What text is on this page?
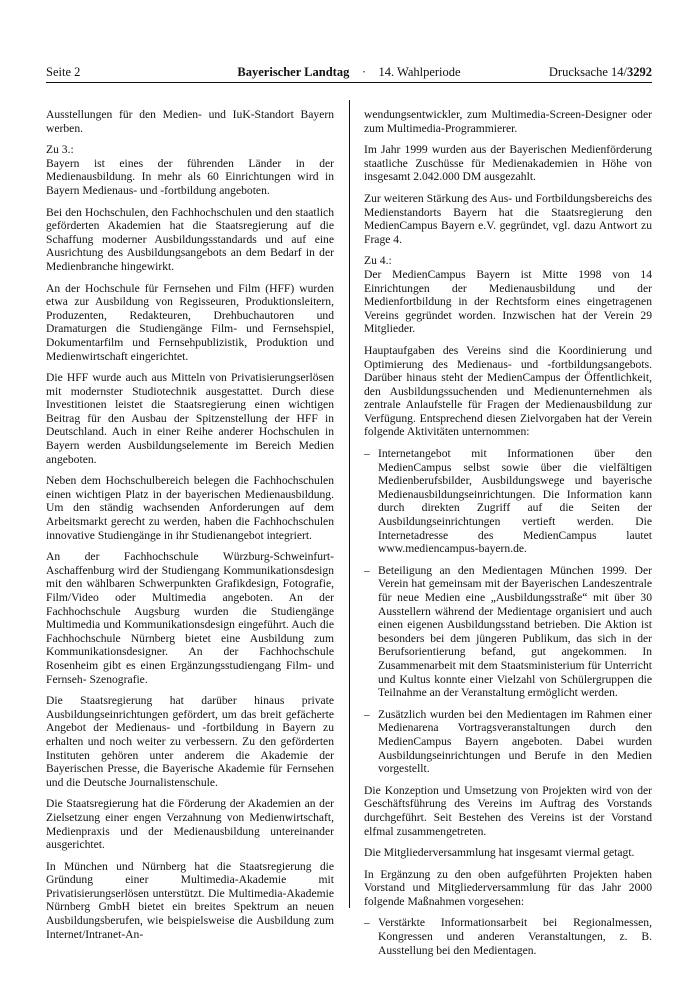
Seite 2	Bayerischer Landtag · 14. Wahlperiode	Drucksache 14/3292

Ausstellungen für den Medien- und IuK-Standort Bayern werben.

Zu 3.:

Bayern ist eines der führenden Länder in der Medienausbildung. In mehr als 60 Einrichtungen wird in Bayern Medienaus- und -fortbildung angeboten.

Bei den Hochschulen, den Fachhochschulen und den staatlich geförderten Akademien hat die Staatsregierung auf die Schaffung moderner Ausbildungsstandards und auf eine Ausrichtung des Ausbildungsangebots an dem Bedarf in der Medienbranche hingewirkt.

An der Hochschule für Fernsehen und Film (HFF) wurden etwa zur Ausbildung von Regisseuren, Produktionsleitern, Produzenten, Redakteuren, Drehbuchautoren und Dramaturgen die Studiengänge Film- und Fernsehspiel, Dokumentarfilm und Fernsehpublizistik, Produktion und Medienwirtschaft eingerichtet.

Die HFF wurde auch aus Mitteln von Privatisierungserlösen mit modernster Studiotechnik ausgestattet. Durch diese Investitionen leistet die Staatsregierung einen wichtigen Beitrag für den Ausbau der Spitzenstellung der HFF in Deutschland. Auch in einer Reihe anderer Hochschulen in Bayern werden Ausbildungselemente im Bereich Medien angeboten.

Neben dem Hochschulbereich belegen die Fachhochschulen einen wichtigen Platz in der bayerischen Medienausbildung. Um den ständig wachsenden Anforderungen auf dem Arbeitsmarkt gerecht zu werden, haben die Fachhochschulen innovative Studiengänge in ihr Studienangebot integriert.

An der Fachhochschule Würzburg-Schweinfurt-Aschaffenburg wird der Studiengang Kommunikationsdesign mit den wählbaren Schwerpunkten Grafikdesign, Fotografie, Film/Video oder Multimedia angeboten. An der Fachhochschule Augsburg wurden die Studiengänge Multimedia und Kommunikationsdesign eingeführt. Auch die Fachhochschule Nürnberg bietet eine Ausbildung zum Kommunikationsdesigner. An der Fachhochschule Rosenheim gibt es einen Ergänzungsstudiengang Film- und Fernseh- Szenografie.

Die Staatsregierung hat darüber hinaus private Ausbildungseinrichtungen gefördert, um das breit gefächerte Angebot der Medienaus- und -fortbildung in Bayern zu erhalten und noch weiter zu verbessern. Zu den geförderten Instituten gehören unter anderem die Akademie der Bayerischen Presse, die Bayerische Akademie für Fernsehen und die Deutsche Journalistenschule.

Die Staatsregierung hat die Förderung der Akademien an der Zielsetzung einer engen Verzahnung von Medienwirtschaft, Medienpraxis und der Medienausbildung untereinander ausgerichtet.

In München und Nürnberg hat die Staatsregierung die Gründung einer Multimedia-Akademie mit Privatisierungserlösen unterstützt. Die Multimedia-Akademie Nürnberg GmbH bietet ein breites Spektrum an neuen Ausbildungsberufen, wie beispielsweise die Ausbildung zum Internet/Intranet-An-

wendungsentwickler, zum Multimedia-Screen-Designer oder zum Multimedia-Programmierer.

Im Jahr 1999 wurden aus der Bayerischen Medienförderung staatliche Zuschüsse für Medienakademien in Höhe von insgesamt 2.042.000 DM ausgezahlt.

Zur weiteren Stärkung des Aus- und Fortbildungsbereichs des Medienstandorts Bayern hat die Staatsregierung den MedienCampus Bayern e.V. gegründet, vgl. dazu Antwort zu Frage 4.

Zu 4.:

Der MedienCampus Bayern ist Mitte 1998 von 14 Einrichtungen der Medienausbildung und der Medienfortbildung in der Rechtsform eines eingetragenen Vereins gegründet worden. Inzwischen hat der Verein 29 Mitglieder.

Hauptaufgaben des Vereins sind die Koordinierung und Optimierung des Medienaus- und -fortbildungsangebots. Darüber hinaus steht der MedienCampus der Öffentlichkeit, den Ausbildungssuchenden und Medienunternehmen als zentrale Anlaufstelle für Fragen der Medienausbildung zur Verfügung. Entsprechend diesen Zielvorgaben hat der Verein folgende Aktivitäten unternommen:

– Internetangebot mit Informationen über den MedienCampus selbst sowie über die vielfältigen Medienberufsbilder, Ausbildungswege und bayerische Medienausbildungseinrichtungen. Die Information kann durch direkten Zugriff auf die Seiten der Ausbildungseinrichtungen vertieft werden. Die Internetadresse des MedienCampus lautet www.mediencampus-bayern.de.
– Beteiligung an den Medientagen München 1999. Der Verein hat gemeinsam mit der Bayerischen Landeszentrale für neue Medien eine „Ausbildungsstraße“ mit über 30 Ausstellern während der Medientage organisiert und auch einen eigenen Ausbildungsstand betrieben. Die Aktion ist besonders bei dem jüngeren Publikum, das sich in der Berufsorientierung befand, gut angekommen. In Zusammenarbeit mit dem Staatsministerium für Unterricht und Kultus konnte einer Vielzahl von Schülergruppen die Teilnahme an der Veranstaltung ermöglicht werden.
– Zusätzlich wurden bei den Medientagen im Rahmen einer Medienarena Vortragsveranstaltungen durch den MedienCampus Bayern angeboten. Dabei wurden Ausbildungseinrichtungen und Berufe in den Medien vorgestellt.

Die Konzeption und Umsetzung von Projekten wird von der Geschäftsführung des Vereins im Auftrag des Vorstands durchgeführt. Seit Bestehen des Vereins ist der Vorstand elfmal zusammengetreten.

Die Mitgliederversammlung hat insgesamt viermal getagt.

In Ergänzung zu den oben aufgeführten Projekten haben Vorstand und Mitgliederversammlung für das Jahr 2000 folgende Maßnahmen vorgesehen:

– Verstärkte Informationsarbeit bei Regionalmessen, Kongressen und anderen Veranstaltungen, z. B. Ausstellung bei den Medientagen.
